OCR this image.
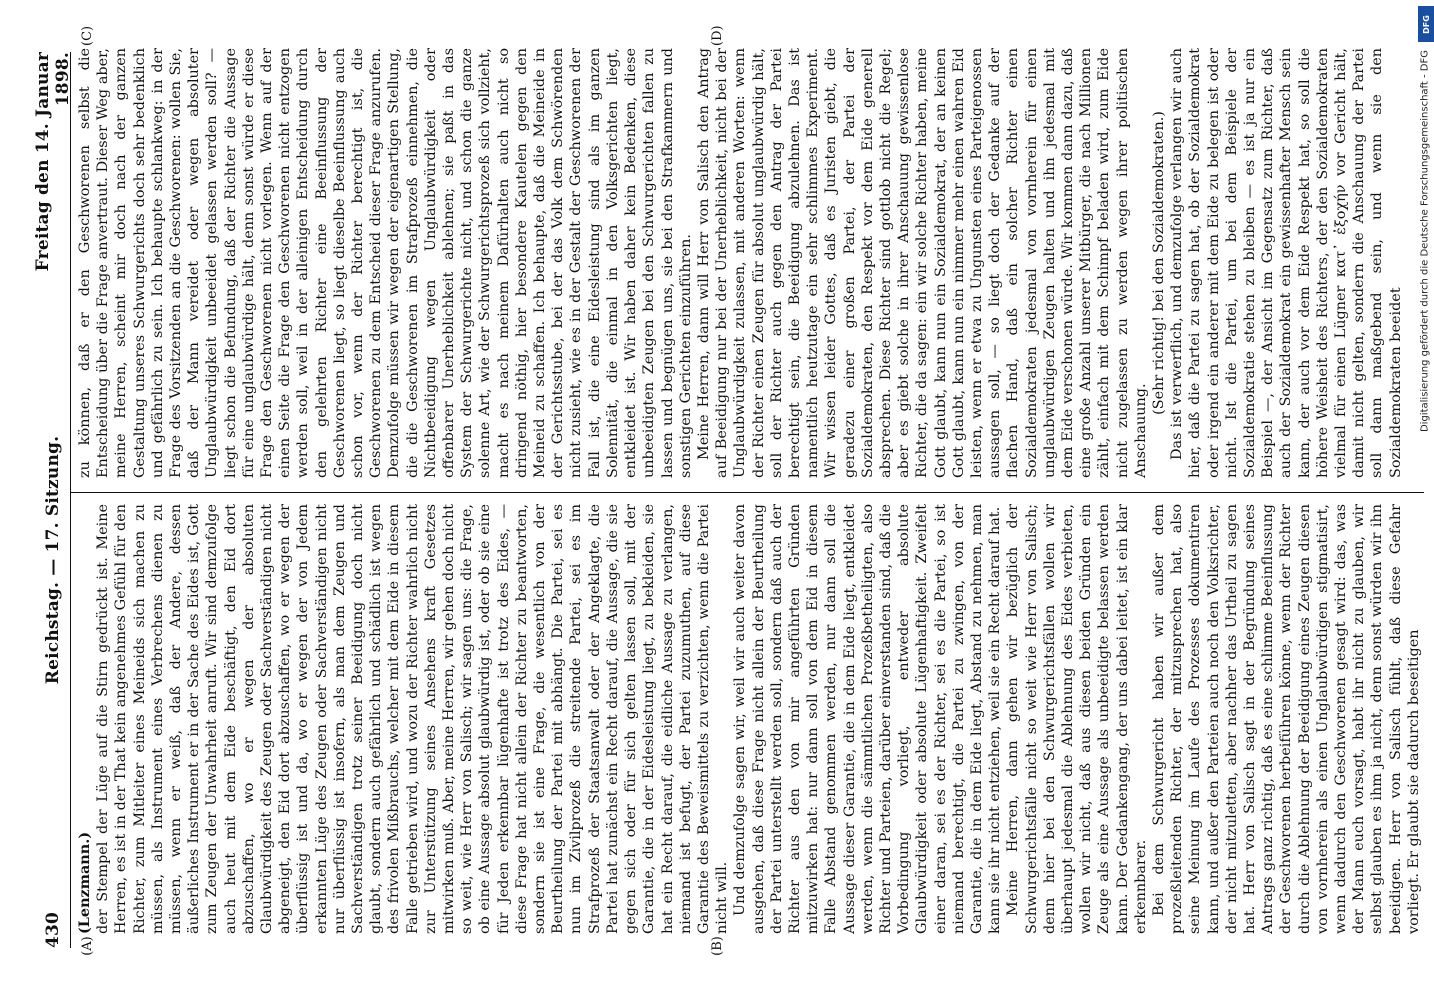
430
Reichstag. — 17. Sitzung.
Freitag den 14. Januar 1898.
(A)	(B)
(C)	(D)

(Lenzmann.) der Stempel der Lüge auf die Stirn gedrückt ist. Meine Herren, es ist in der That kein angenehmes Gefühl für den Richter, zum Mitleiter eines Meineids sich machen zu müssen, als Instrument eines Verbrechens dienen zu müssen, wenn er weiß, daß der Andere, dessen äußerliches Instrument er in der Sache des Eides ist, Gott zum Zeugen der Unwahrheit anruft. Wir sind demzufolge auch heut mit dem Eide beschäftigt, den Eid dort abzuschaffen, wo er wegen der absoluten Glaubwürdigkeit des Zeugen oder Sachverständigen nicht abgeneigt, den Eid dort abzuschaffen, wo er wegen der überflüssig ist und da, wo er wegen der von Jedem erkannten Lüge des Zeugen oder Sachverständigen nicht nur überflüssig ist insofern, als man dem Zeugen und Sachverständigen trotz seiner Beeidigung doch nicht glaubt, sondern auch gefährlich und schädlich ist wegen des frivolen Mißbrauchs, welcher mit dem Eide in diesem Falle getrieben wird, und wozu der Richter wahrlich nicht zur Unterstützung seines Ansehens kraft Gesetzes mitwirken muß. Aber, meine Herren, wir gehen doch nicht so weit, wie Herr von Salisch; wir sagen uns: die Frage, ob eine Aussage absolut glaubwürdig ist, oder ob sie eine für Jeden erkennbar lügenhafte ist trotz des Eides, — diese Frage hat nicht allein der Richter zu beantworten, sondern sie ist eine Frage, die wesentlich von der Beurtheilung der Partei mit abhängt. Die Partei, sei es nun im Zivilprozeß die streitende Partei, sei es im Strafprozeß der Staatsanwalt oder der Angeklagte, die Partei hat zunächst ein Recht darauf, die Aussage, die sie gegen sich oder für sich gelten lassen soll, mit der Garantie, die in der Eidesleistung liegt, zu bekleiden, sie hat ein Recht darauf, die eidliche Aussage zu verlangen, niemand ist befugt, der Partei zuzumuthen, auf diese Garantie des Beweismittels zu verzichten, wenn die Partei nicht will. Und demzufolge sagen wir, weil wir auch weiter davon ausgehen, daß diese Frage nicht allein der Beurtheilung der Partei unterstellt werden soll, sondern daß auch der Richter aus den von mir angeführten Gründen mitzuwirken hat: nur dann soll von dem Eid in diesem Falle Abstand genommen werden, nur dann soll die Aussage dieser Garantie, die in dem Eide liegt, entkleidet werden, wenn die sämmtlichen Prozeßbetheiligten, also Richter und Parteien, darüber einverstanden sind, daß die Vorbedingung vorliegt, entweder absolute Glaubwürdigkeit oder absolute Lügenhaftigkeit. Zweifelt einer daran, sei es der Richter, sei es die Partei, so ist niemand berechtigt, die Partei zu zwingen, von der Garantie, die in dem Eide liegt, Abstand zu nehmen, man kann sie ihr nicht entziehen, weil sie ein Recht darauf hat. Meine Herren, dann gehen wir bezüglich der Schwurgerichtsfälle nicht so weit wie Herr von Salisch; denn hier bei den Schwurgerichtsfällen wollen wir überhaupt jedesmal die Ablehnung des Eides verbieten, wollen wir nicht, daß aus diesen beiden Gründen ein Zeuge als eine Aussage als unbeeidigte belassen werden kann. Der Gedankengang, der uns dabei leitet, ist ein klar erkennbarer. Bei dem Schwurgericht haben wir außer dem prozeßleitenden Richter, der mitzusprechen hat, also seine Meinung im Laufe des Prozesses dokumentiren kann, und außer den Parteien auch noch den Volksrichter, der nicht mitzuletten, aber nachher das Urtheil zu sagen hat. Herr von Salisch sagt in der Begründung seines Antrags ganz richtig, daß es eine schlimme Beeinflussung der Geschworenen herbeiführen könne, wenn der Richter durch die Ablehnung der Beeidigung eines Zeugen diesen von vornherein als einen Unglaubwürdigen stigmatisirt, wenn dadurch den Geschworenen gesagt wird: das, was der Mann euch vorsagt, habt ihr nicht zu glauben, wir selbst glauben es ihm ja nicht, denn sonst würden wir ihn beeidigen. Herr von Salisch fühlt, daß diese Gefahr vorliegt. Er glaubt sie dadurch beseitigen

zu können, daß er den Geschworenen selbst die Entscheidung über die Frage anvertraut. Dieser Weg aber, meine Herren, scheint mir doch nach der ganzen Gestaltung unseres Schwurgerichts doch sehr bedenklich und gefährlich zu sein. Ich behaupte schlankweg: in der Frage des Vorsitzenden an die Geschworenen: wollen Sie, daß der Mann vereidet oder wegen absoluter Unglaubwürdigkeit unbeeidet gelassen werden soll? — liegt schon die Befundung, daß der Richter die Aussage für eine unglaubwürdige hält, denn sonst würde er diese Frage den Geschworenen nicht vorlegen. Wenn auf der einen Seite die Frage den Geschworenen nicht entzogen werden soll, weil in der alleinigen Entscheidung durch den gelehrten Richter eine Beeinflussung der Geschworenen liegt, so liegt dieselbe Beeinflussung auch schon vor, wenn der Richter berechtigt ist, die Geschworenen zu dem Entscheid dieser Frage anzurufen. Demzufolge müssen wir wegen der eigenartigen Stellung, die die Geschworenen im Strafprozeß einnehmen, die Nichtbeeidigung wegen Unglaubwürdigkeit oder offenbarer Unerheblichkeit ablehnen; sie paßt in das System der Schwurgerichte nicht, und schon die ganze solenne Art, wie der Schwurgerichtsprozeß sich vollzieht, macht es nach meinem Dafürhalten auch nicht so dringend nöthig, hier besondere Kautelen gegen den Meineid zu schaffen. Ich behaupte, daß die Meineide in der Gerichtsstube, bei der das Volk dem Schwörenden nicht zusieht, wie es in der Gestalt der Geschworenen der Fall ist, die eine Eidesleistung sind als im ganzen Solennität, die einmal in den Volksgerichten liegt, entkleidet ist. Wir haben daher kein Bedenken, diese unbeeidigten Zeugen bei den Schwurgerichten fallen zu lassen und begnügen uns, sie bei den Strafkammern und sonstigen Gerichten einzuführen. Meine Herren, dann will Herr von Salisch den Antrag auf Beeidigung nur bei der Unerheblichkeit, nicht bei der Unglaubwürdigkeit zulassen, mit anderen Worten: wenn der Richter einen Zeugen für absolut unglaubwürdig hält, soll der Richter auch gegen den Antrag der Partei berechtigt sein, die Beeidigung abzulehnen. Das ist namentlich heutzutage ein sehr schlimmes Experiment. Wir wissen leider Gottes, daß es Juristen giebt, die geradezu einer großen Partei, der Partei der Sozialdemokraten, den Respekt vor dem Eide generell absprechen. Diese Richter sind gottlob nicht die Regel; aber es giebt solche in ihrer Anschauung gewissenlose Richter, die da sagen: ein wir solche Richter haben, meine Gott glaubt, kann nun ein Sozialdemokrat, der an keinen Gott glaubt, kann nun ein nimmer mehr einen wahren Eid leisten, wenn er etwa zu Ungunsten eines Parteigenossen aussagen soll, — so liegt doch der Gedanke auf der flachen Hand, daß ein solcher Richter einen Sozialdemokraten jedesmal von vornherein für einen unglaubwürdigen Zeugen halten und ihn jedesmal mit dem Eide verschonen würde. Wir kommen dann dazu, daß eine große Anzahl unserer Mitbürger, die nach Millionen zählt, einfach mit dem Schimpf beladen wird, zum Eide nicht zugelassen zu werden wegen ihrer politischen Anschauung.

(Sehr richtig! bei den Sozialdemokraten.) Das ist verwerflich, und demzufolge verlangen wir auch hier, daß die Partei zu sagen hat, ob der Sozialdemokrat oder irgend ein anderer mit dem Eide zu belegen ist oder nicht. Ist die Partei, um bei dem Beispiele der Sozialdemokratie stehen zu bleiben — es ist ja nur ein Beispiel —, der Ansicht im Gegensatz zum Richter, daß auch der Sozialdemokrat ein gewissenhafter Mensch sein kann, der auch vor dem Eide Respekt hat, so soll die höhere Weisheit des Richters, der den Sozialdemokraten vielmal für einen Lügner κατ᾽ ἐξοχήν vor Gericht hält, damit nicht gelten, sondern die Anschauung der Partei soll dann maßgebend sein, und wenn sie den Sozialdemokraten beeidet Digitalisierung gefördert durch die Deutsche Forschungsgemeinschaft - DFG
DFG
